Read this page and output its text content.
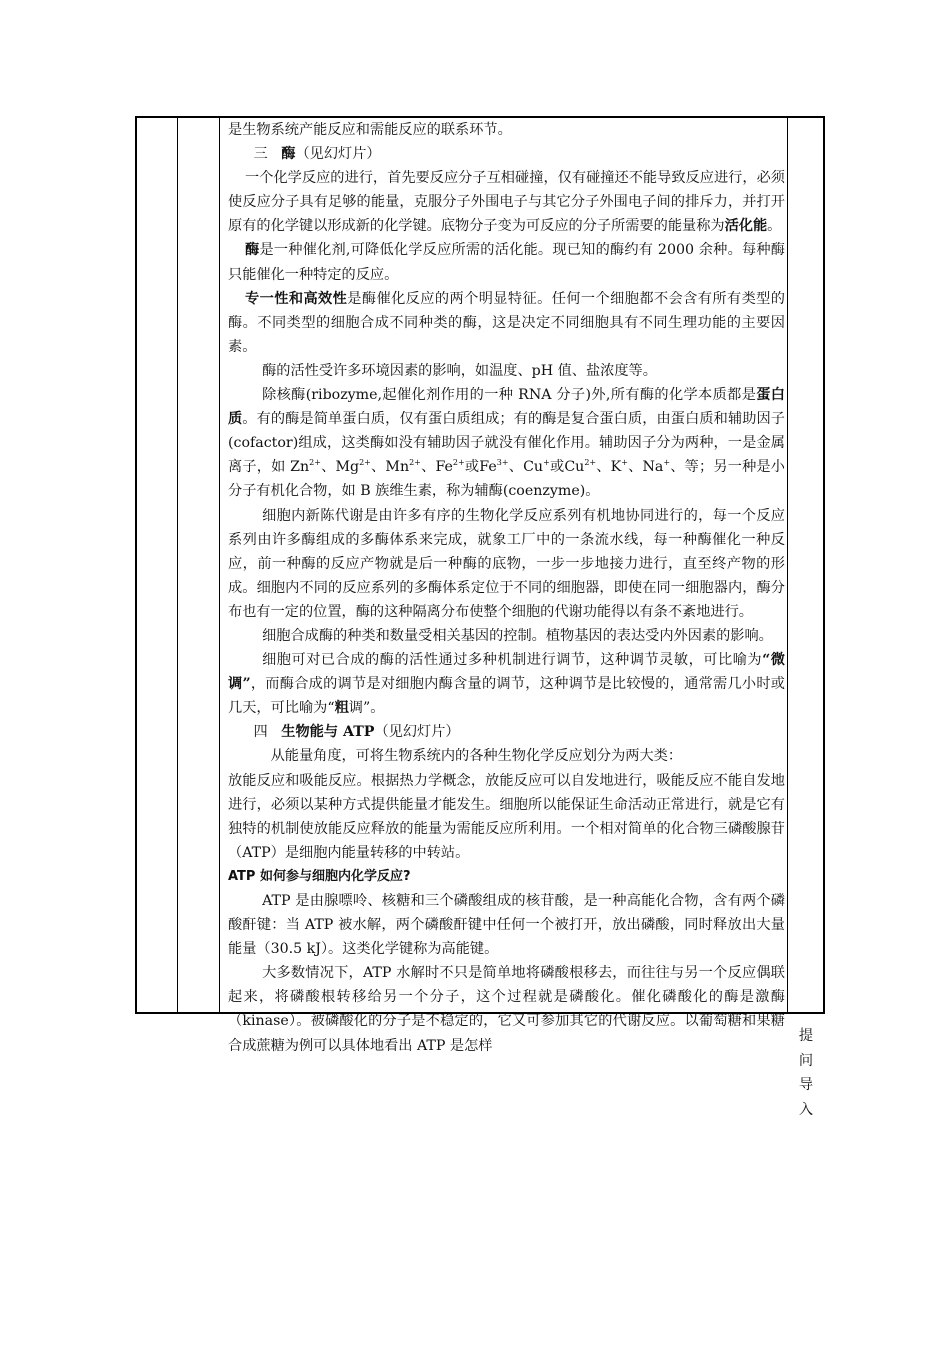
是生物系统产能反应和需能反应的联系环节。

三 酶（见幻灯片）

一个化学反应的进行，首先要反应分子互相碰撞，仅有碰撞还不能导致反应进行，必须使反应分子具有足够的能量，克服分子外围电子与其它分子外围电子间的排斥力，并打开原有的化学键以形成新的化学键。底物分子变为可反应的分子所需要的能量称为活化能。

酶是一种催化剂,可降低化学反应所需的活化能。现已知的酶约有 2000 余种。每种酶只能催化一种特定的反应。

专一性和高效性是酶催化反应的两个明显特征。任何一个细胞都不会含有所有类型的酶。不同类型的细胞合成不同种类的酶，这是决定不同细胞具有不同生理功能的主要因素。

酶的活性受许多环境因素的影响，如温度、pH 值、盐浓度等。

除核酶(ribozyme,起催化剂作用的一种 RNA 分子)外,所有酶的化学本质都是蛋白质。有的酶是简单蛋白质，仅有蛋白质组成；有的酶是复合蛋白质，由蛋白质和辅助因子(cofactor)组成，这类酶如没有辅助因子就没有催化作用。辅助因子分为两种，一是金属离子，如 $Zn^{2+}$、$Mg^{2+}$、$Mn^{2+}$、$Fe^{2+}$或$Fe^{3+}$、Cu+或$Cu^{2+}$、K+、Na+、等；另一种是小分子有机化合物，如 B 族维生素，称为辅酶(coenzyme)。

细胞内新陈代谢是由许多有序的生物化学反应系列有机地协同进行的，每一个反应系列由许多酶组成的多酶体系来完成，就象工厂中的一条流水线，每一种酶催化一种反应，前一种酶的反应产物就是后一种酶的底物，一步一步地接力进行，直至终产物的形成。细胞内不同的反应系列的多酶体系定位于不同的细胞器，即使在同一细胞器内，酶分布也有一定的位置，酶的这种隔离分布使整个细胞的代谢功能得以有条不紊地进行。

细胞合成酶的种类和数量受相关基因的控制。植物基因的表达受内外因素的影响。

细胞可对已合成的酶的活性通过多种机制进行调节，这种调节灵敏，可比喻为“微调”，而酶合成的调节是对细胞内酶含量的调节，这种调节是比较慢的，通常需几小时或几天，可比喻为“粗调”。

四 生物能与 ATP（见幻灯片）

从能量角度，可将生物系统内的各种生物化学反应划分为两大类：

放能反应和吸能反应。根据热力学概念，放能反应可以自发地进行，吸能反应不能自发地进行，必须以某种方式提供能量才能发生。细胞所以能保证生命活动正常进行，就是它有独特的机制使放能反应释放的能量为需能反应所利用。一个相对简单的化合物三磷酸腺苷（ATP）是细胞内能量转移的中转站。

ATP 如何参与细胞内化学反应?

ATP 是由腺嘌呤、核糖和三个磷酸组成的核苷酸，是一种高能化合物，含有两个磷酸酐键：当 ATP 被水解，两个磷酸酐键中任何一个被打开，放出磷酸，同时释放出大量能量（30.5 kJ）。这类化学键称为高能键。

大多数情况下，ATP 水解时不只是简单地将磷酸根移去，而往往与另一个反应偶联起来，将磷酸根转移给另一个分子，这个过程就是磷酸化。催化磷酸化的酶是激酶（kinase）。被磷酸化的分子是不稳定的，它又可参加其它的代谢反应。以葡萄糖和果糖合成蔗糖为例可以具体地看出 ATP 是怎样

提
问
导
入
